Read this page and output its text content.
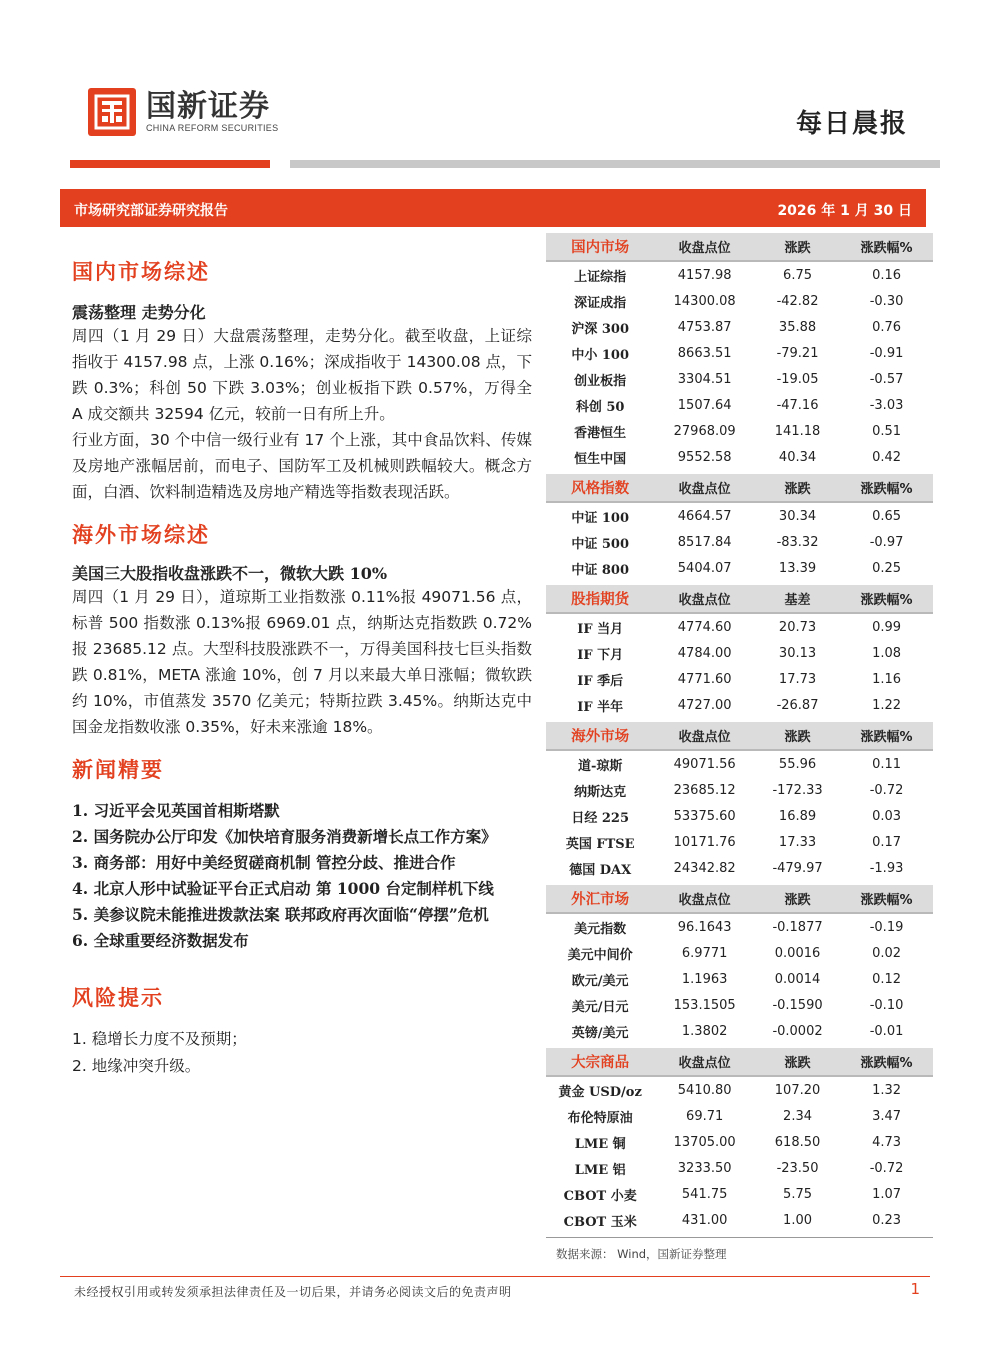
国新证券
CHINA REFORM SECURITIES	每日晨报
市场研究部证券研究报告	2026 年 1 月 30 日
国内市场综述
震荡整理 走势分化

周四（1 月 29 日）大盘震荡整理，走势分化。截至收盘，上证综指收于 4157.98 点，上涨 0.16%；深成指收于 14300.08 点，下跌 0.3%；科创 50 下跌 3.03%；创业板指下跌 0.57%，万得全 A 成交额共 32594 亿元，较前一日有所上升。

行业方面，30 个中信一级行业有 17 个上涨，其中食品饮料、传媒及房地产涨幅居前，而电子、国防军工及机械则跌幅较大。概念方面，白酒、饮料制造精选及房地产精选等指数表现活跃。

海外市场综述
美国三大股指收盘涨跌不一，微软大跌 10%

周四（1 月 29 日），道琼斯工业指数涨 0.11%报 49071.56 点，标普 500 指数涨 0.13%报 6969.01 点，纳斯达克指数跌 0.72%报 23685.12 点。大型科技股涨跌不一，万得美国科技七巨头指数跌 0.81%，META 涨逾 10%，创 7 月以来最大单日涨幅；微软跌约 10%，市值蒸发 3570 亿美元；特斯拉跌 3.45%。纳斯达克中国金龙指数收涨 0.35%，好未来涨逾 18%。

新闻精要
1. 习近平会见英国首相斯塔默
2. 国务院办公厅印发《加快培育服务消费新增长点工作方案》
3. 商务部：用好中美经贸磋商机制 管控分歧、推进合作
4. 北京人形中试验证平台正式启动 第 1000 台定制样机下线
5. 美参议院未能推进拨款法案 联邦政府再次面临“停摆”危机
6. 全球重要经济数据发布
风险提示
1. 稳增长力度不及预期；
2. 地缘冲突升级。
国内市场	收盘点位	涨跌	涨跌幅%
上证综指	4157.98	6.75	0.16
深证成指	14300.08	-42.82	-0.30
沪深 300	4753.87	35.88	0.76
中小 100	8663.51	-79.21	-0.91
创业板指	3304.51	-19.05	-0.57
科创 50	1507.64	-47.16	-3.03
香港恒生	27968.09	141.18	0.51
恒生中国	9552.58	40.34	0.42

风格指数	收盘点位	涨跌	涨跌幅%
中证 100	4664.57	30.34	0.65
中证 500	8517.84	-83.32	-0.97
中证 800	5404.07	13.39	0.25

股指期货	收盘点位	基差	涨跌幅%
IF 当月	4774.60	20.73	0.99
IF 下月	4784.00	30.13	1.08
IF 季后	4771.60	17.73	1.16
IF 半年	4727.00	-26.87	1.22

海外市场	收盘点位	涨跌	涨跌幅%
道-琼斯	49071.56	55.96	0.11
纳斯达克	23685.12	-172.33	-0.72
日经 225	53375.60	16.89	0.03
英国 FTSE	10171.76	17.33	0.17
德国 DAX	24342.82	-479.97	-1.93

外汇市场	收盘点位	涨跌	涨跌幅%
美元指数	96.1643	-0.1877	-0.19
美元中间价	6.9771	0.0016	0.02
欧元/美元	1.1963	0.0014	0.12
美元/日元	153.1505	-0.1590	-0.10
英镑/美元	1.3802	-0.0002	-0.01

大宗商品	收盘点位	涨跌	涨跌幅%
黄金 USD/oz	5410.80	107.20	1.32
布伦特原油	69.71	2.34	3.47
LME 铜	13705.00	618.50	4.73
LME 铝	3233.50	-23.50	-0.72
CBOT 小麦	541.75	5.75	1.07
CBOT 玉米	431.00	1.00	0.23
数据来源： Wind，国新证券整理
未经授权引用或转发须承担法律责任及一切后果，并请务必阅读文后的免责声明	1
